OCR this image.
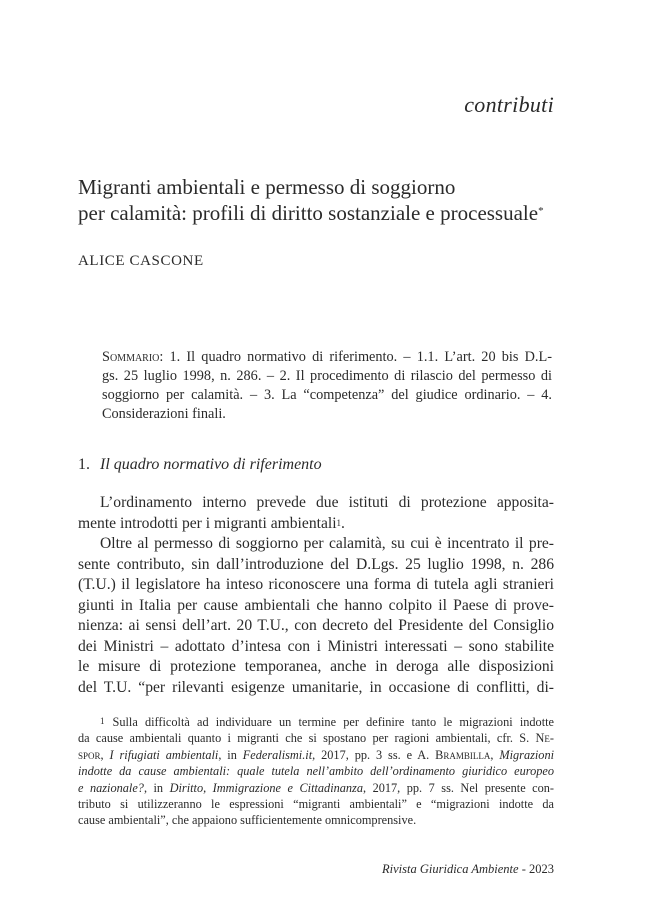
contributi
Migranti ambientali e permesso di soggiorno
per calamità: profili di diritto sostanziale e processuale*
ALICE CASCONE
Sommario: 1. Il quadro normativo di riferimento. – 1.1. L’art. 20 bis D.L-
gs. 25 luglio 1998, n. 286. – 2. Il procedimento di rilascio del permesso di
soggiorno per calamità. – 3. La “competenza” del giudice ordinario. – 4.
Considerazioni finali.
1. Il quadro normativo di riferimento
L’ordinamento interno prevede due istituti di protezione apposita-
mente introdotti per i migranti ambientali$^1$.
Oltre al permesso di soggiorno per calamità, su cui è incentrato il pre-
sente contributo, sin dall’introduzione del D.Lgs. 25 luglio 1998, n. 286
(T.U.) il legislatore ha inteso riconoscere una forma di tutela agli stranieri
giunti in Italia per cause ambientali che hanno colpito il Paese di prove-
nienza: ai sensi dell’art. 20 T.U., con decreto del Presidente del Consiglio
dei Ministri – adottato d’intesa con i Ministri interessati – sono stabilite
le misure di protezione temporanea, anche in deroga alle disposizioni
del T.U. “per rilevanti esigenze umanitarie, in occasione di conflitti, di-
$^1$ Sulla difficoltà ad individuare un termine per definire tanto le migrazioni indotte
da cause ambientali quanto i migranti che si spostano per ragioni ambientali, cfr. S. Ne-
spor, I rifugiati ambientali, in Federalismi.it, 2017, pp. 3 ss. e A. Brambilla, Migrazioni
indotte da cause ambientali: quale tutela nell’ambito dell’ordinamento giuridico europeo
e nazionale?, in Diritto, Immigrazione e Cittadinanza, 2017, pp. 7 ss. Nel presente con-
tributo si utilizzeranno le espressioni “migranti ambientali” e “migrazioni indotte da
cause ambientali”, che appaiono sufficientemente omnicomprensive.
Rivista Giuridica Ambiente - 2023
